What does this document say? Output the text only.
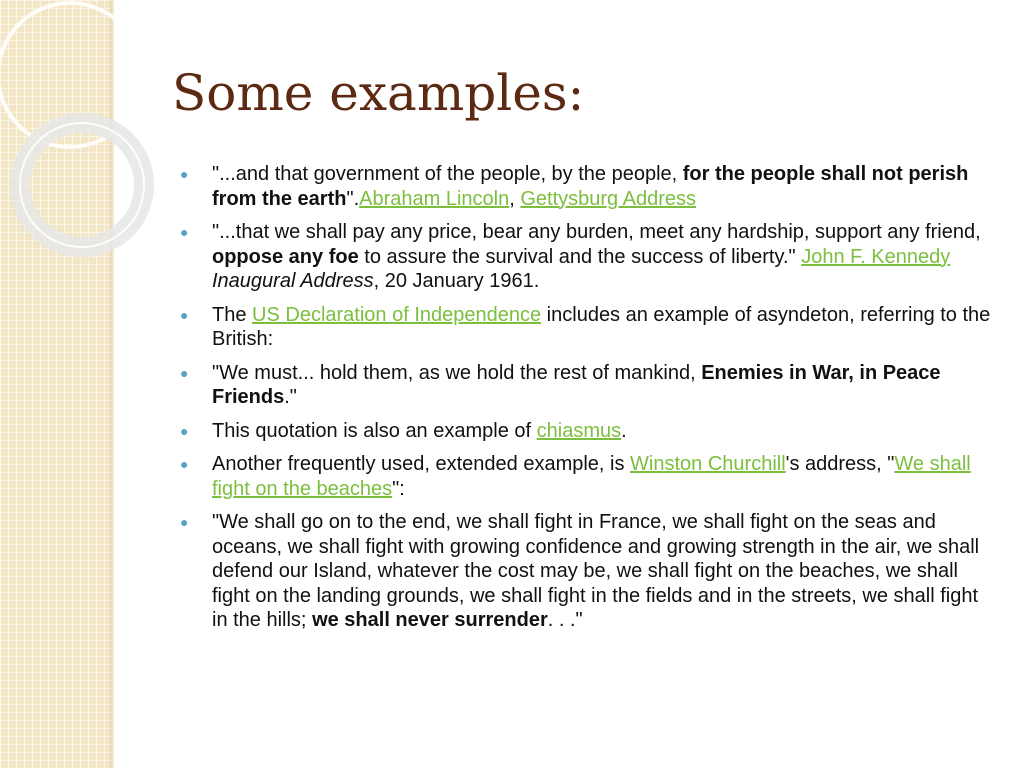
Some examples:
● "...and that government of the people, by the people, for the people shall not perish from the earth".Abraham Lincoln, Gettysburg Address
● "...that we shall pay any price, bear any burden, meet any hardship, support any friend, oppose any foe to assure the survival and the success of liberty." John F. Kennedy Inaugural Address, 20 January 1961.
● The US Declaration of Independence includes an example of asyndeton, referring to the British:
● "We must... hold them, as we hold the rest of mankind, Enemies in War, in Peace Friends."
● This quotation is also an example of chiasmus.
● Another frequently used, extended example, is Winston Churchill's address, "We shall fight on the beaches":
● "We shall go on to the end, we shall fight in France, we shall fight on the seas and oceans, we shall fight with growing confidence and growing strength in the air, we shall defend our Island, whatever the cost may be, we shall fight on the beaches, we shall fight on the landing grounds, we shall fight in the fields and in the streets, we shall fight in the hills; we shall never surrender. . ."
